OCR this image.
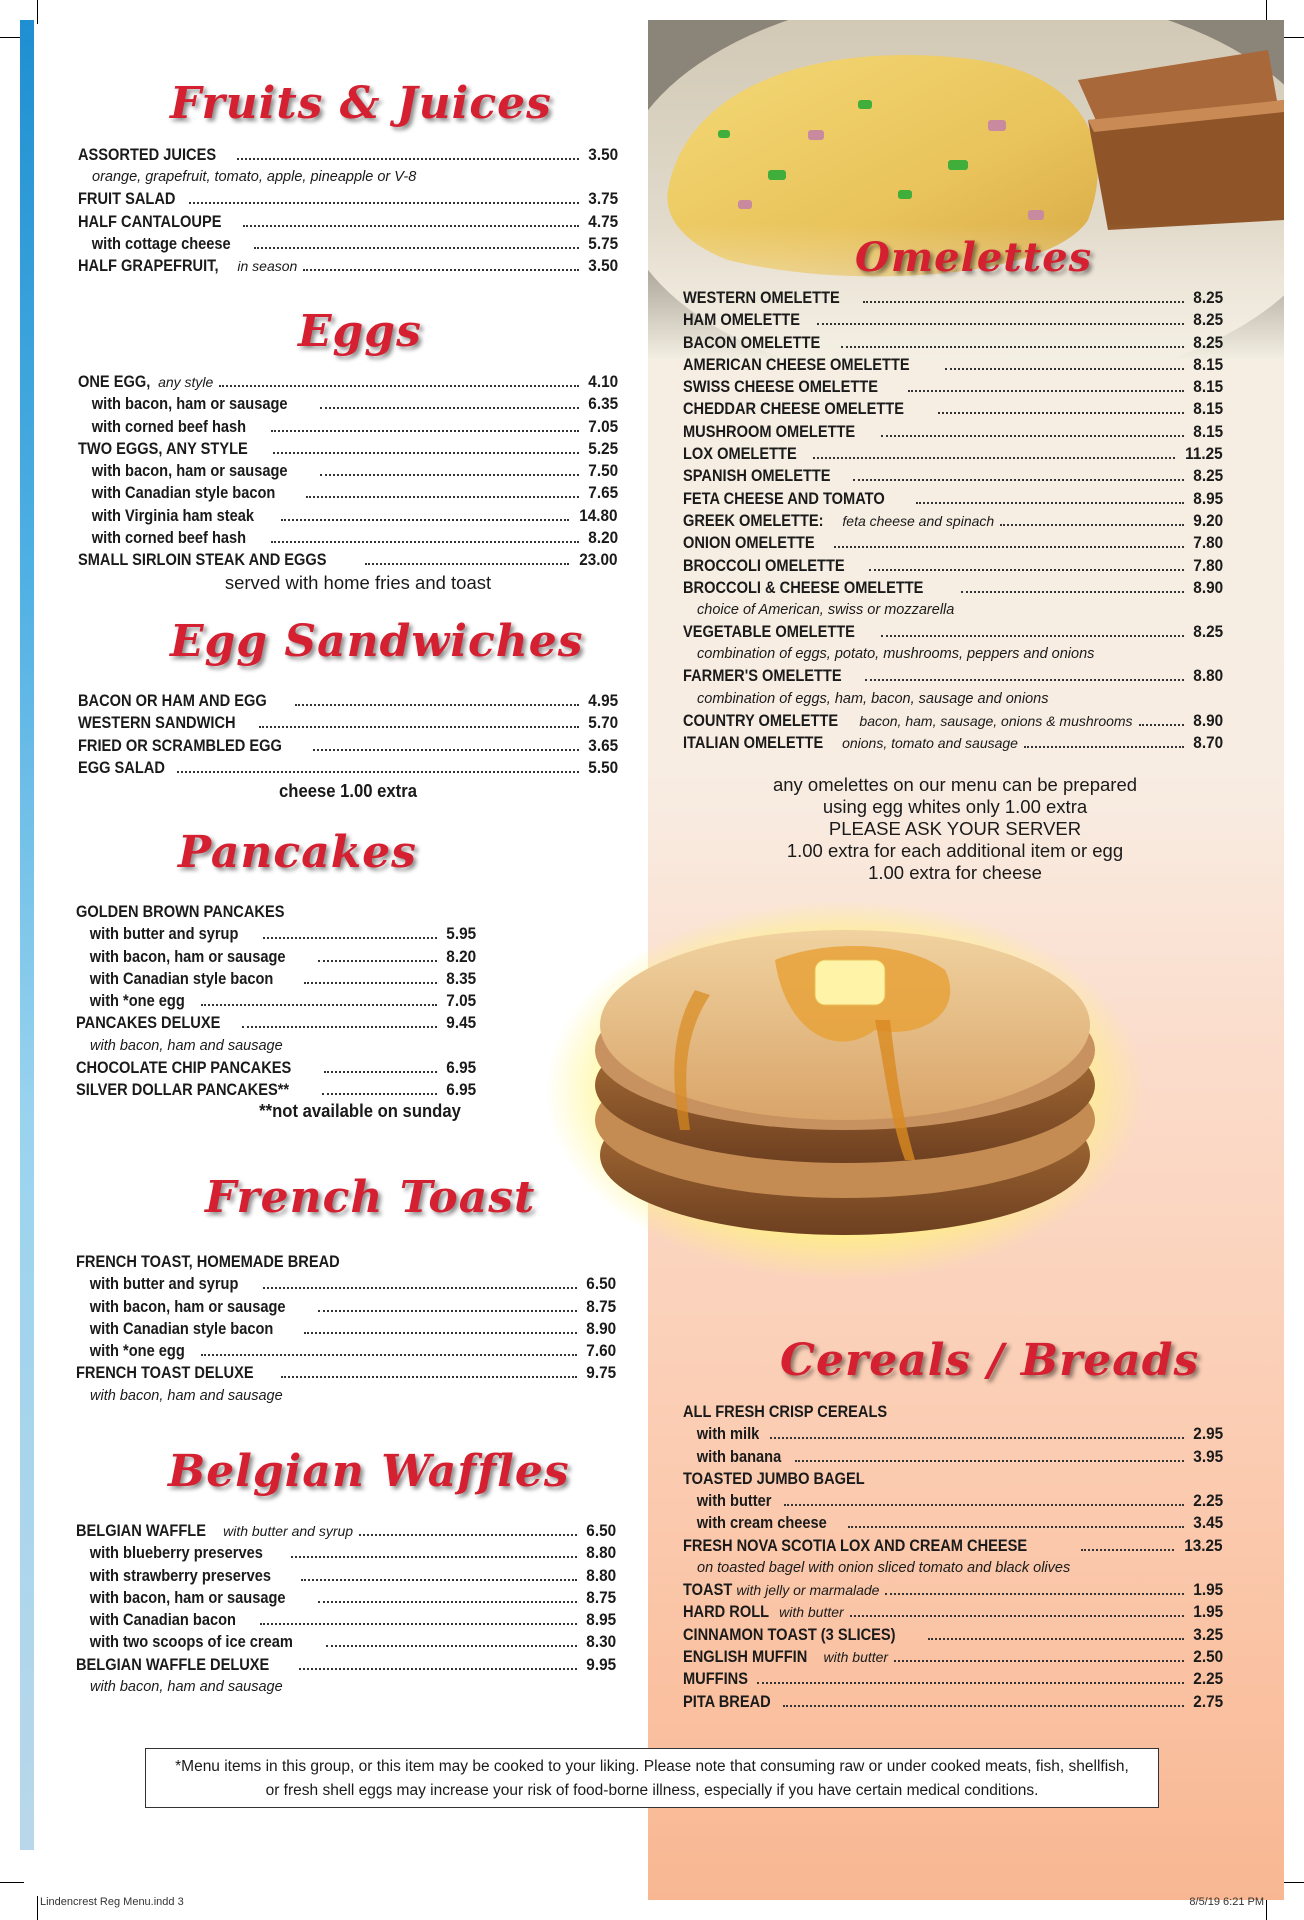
Fruits & Juices
ASSORTED JUICES	3.50
orange, grapefruit, tomato, apple, pineapple or V-8
FRUIT SALAD	3.75
HALF CANTALOUPE	4.75
with cottage cheese	5.75
HALF GRAPEFRUIT, in season	3.50
Eggs
ONE EGG, any style	4.10
with bacon, ham or sausage	6.35
with corned beef hash	7.05
TWO EGGS, ANY STYLE	5.25
with bacon, ham or sausage	7.50
with Canadian style bacon	7.65
with Virginia ham steak	14.80
with corned beef hash	8.20
SMALL SIRLOIN STEAK AND EGGS	23.00
served with home fries and toast
Egg Sandwiches
BACON OR HAM AND EGG	4.95
WESTERN SANDWICH	5.70
FRIED OR SCRAMBLED EGG	3.65
EGG SALAD	5.50
cheese 1.00 extra
Pancakes
GOLDEN BROWN PANCAKES
with butter and syrup	5.95
with bacon, ham or sausage	8.20
with Canadian style bacon	8.35
with *one egg	7.05
PANCAKES DELUXE	9.45
with bacon, ham and sausage
CHOCOLATE CHIP PANCAKES	6.95
SILVER DOLLAR PANCAKES**	6.95
**not available on sunday
French Toast
FRENCH TOAST, HOMEMADE BREAD
with butter and syrup	6.50
with bacon, ham or sausage	8.75
with Canadian style bacon	8.90
with *one egg	7.60
FRENCH TOAST DELUXE	9.75
with bacon, ham and sausage
Belgian Waffles
BELGIAN WAFFLE with butter and syrup	6.50
with blueberry preserves	8.80
with strawberry preserves	8.80
with bacon, ham or sausage	8.75
with Canadian bacon	8.95
with two scoops of ice cream	8.30
BELGIAN WAFFLE DELUXE	9.95
with bacon, ham and sausage
Omelettes
WESTERN OMELETTE	8.25
HAM OMELETTE	8.25
BACON OMELETTE	8.25
AMERICAN CHEESE OMELETTE	8.15
SWISS CHEESE OMELETTE	8.15
CHEDDAR CHEESE OMELETTE	8.15
MUSHROOM OMELETTE	8.15
LOX OMELETTE	11.25
SPANISH OMELETTE	8.25
FETA CHEESE AND TOMATO	8.95
GREEK OMELETTE: feta cheese and spinach	9.20
ONION OMELETTE	7.80
BROCCOLI OMELETTE	7.80
BROCCOLI & CHEESE OMELETTE	8.90
choice of American, swiss or mozzarella
VEGETABLE OMELETTE	8.25
combination of eggs, potato, mushrooms, peppers and onions
FARMER'S OMELETTE	8.80
combination of eggs, ham, bacon, sausage and onions
COUNTRY OMELETTE bacon, ham, sausage, onions & mushrooms	8.90
ITALIAN OMELETTE onions, tomato and sausage	8.70
any omelettes on our menu can be prepared
using egg whites only 1.00 extra
PLEASE ASK YOUR SERVER
1.00 extra for each additional item or egg
1.00 extra for cheese
Cereals / Breads
ALL FRESH CRISP CEREALS
with milk	2.95
with banana	3.95
TOASTED JUMBO BAGEL
with butter	2.25
with cream cheese	3.45
FRESH NOVA SCOTIA LOX AND CREAM CHEESE	13.25
on toasted bagel with onion sliced tomato and black olives
TOAST with jelly or marmalade	1.95
HARD ROLL with butter	1.95
CINNAMON TOAST (3 SLICES)	3.25
ENGLISH MUFFIN with butter	2.50
MUFFINS	2.25
PITA BREAD	2.75
*Menu items in this group, or this item may be cooked to your liking. Please note that consuming raw or under cooked meats, fish, shellfish,
or fresh shell eggs may increase your risk of food-borne illness, especially if you have certain medical conditions.
Lindencrest Reg Menu.indd 3	8/5/19 6:21 PM
